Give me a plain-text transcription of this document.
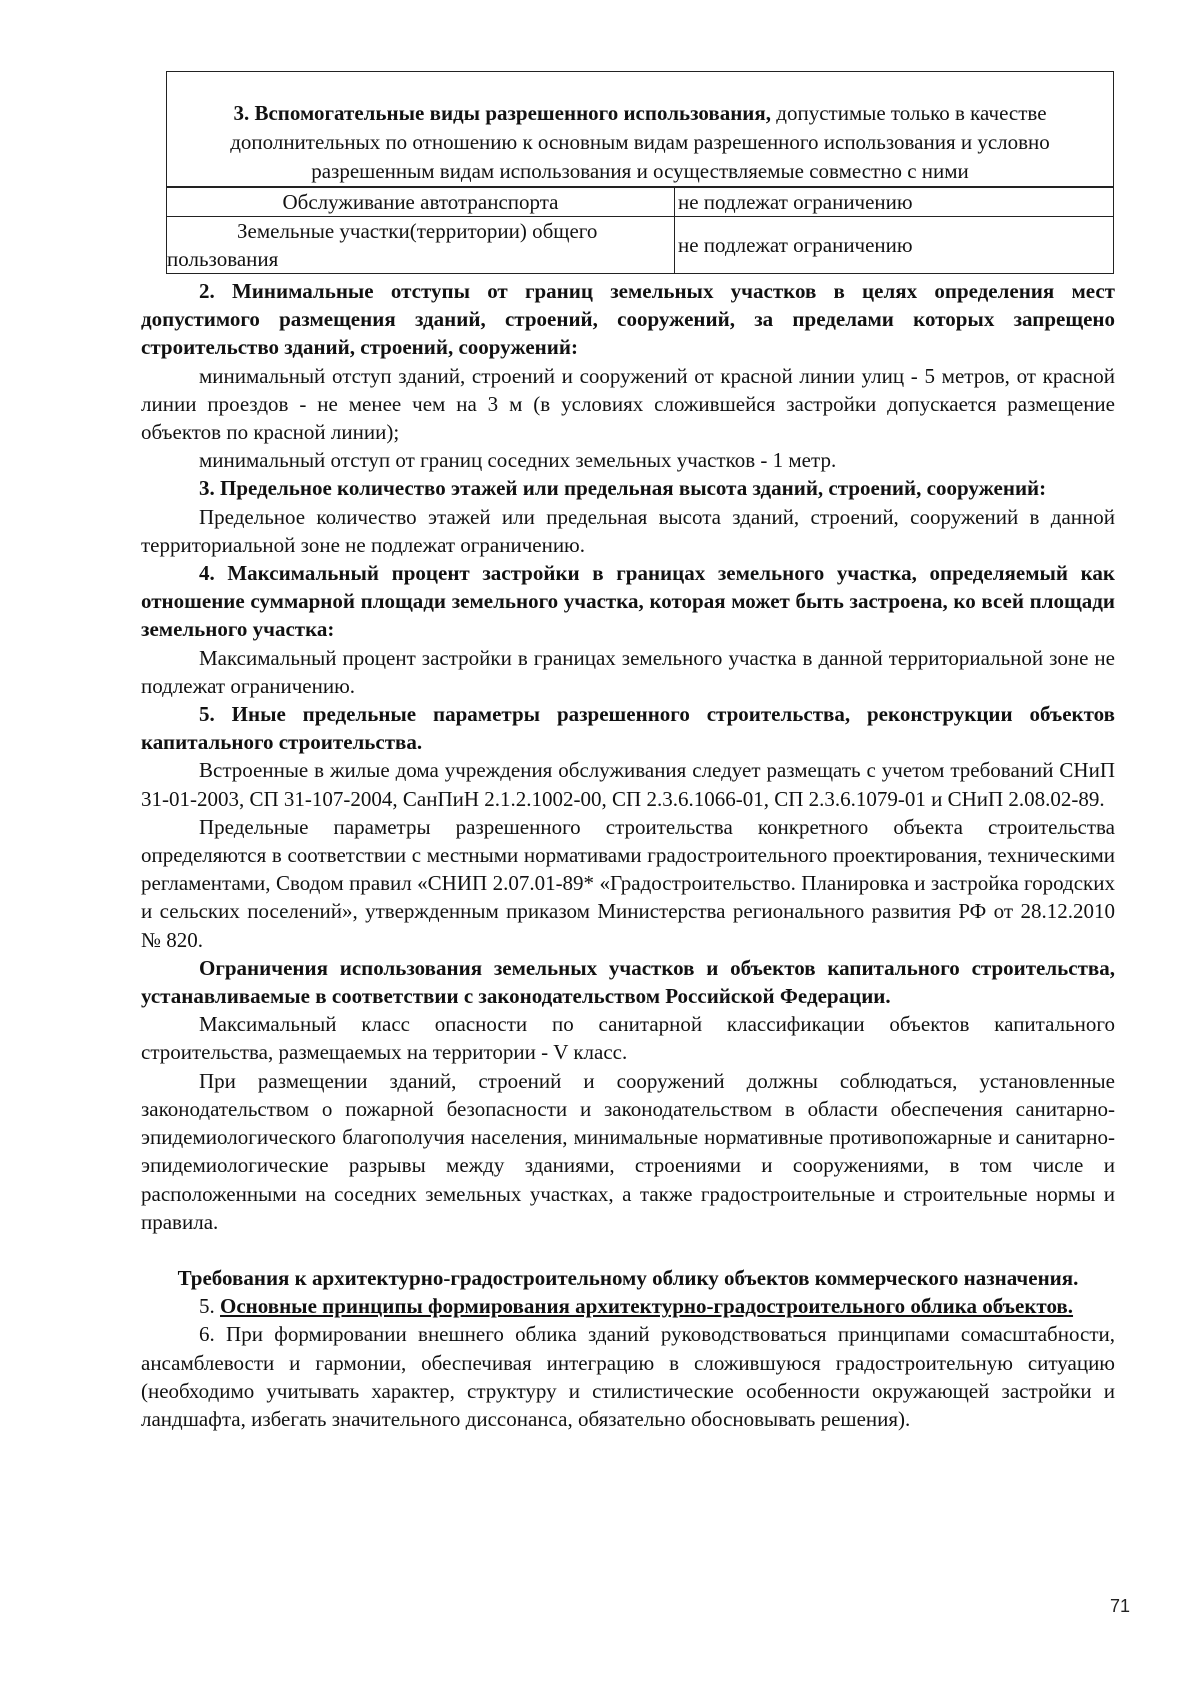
3. Вспомогательные виды разрешенного использования, допустимые только в качестве дополнительных по отношению к основным видам разрешенного использования и условно разрешенным видам использования и осуществляемые совместно с ними
Обслуживание автотранспорта	не подлежат ограничению
Земельные участки(территории) общего
пользования
не подлежат ограничению

2. Минимальные отступы от границ земельных участков в целях определения мест допустимого размещения зданий, строений, сооружений, за пределами которых запрещено строительство зданий, строений, сооружений:

минимальный отступ зданий, строений и сооружений от красной линии улиц - 5 метров, от красной линии проездов - не менее чем на 3 м (в условиях сложившейся застройки допускается размещение объектов по красной линии);

минимальный отступ от границ соседних земельных участков - 1 метр.

3. Предельное количество этажей или предельная высота зданий, строений, сооружений:

Предельное количество этажей или предельная высота зданий, строений, сооружений в данной территориальной зоне не подлежат ограничению.

4. Максимальный процент застройки в границах земельного участка, определяемый как отношение суммарной площади земельного участка, которая может быть застроена, ко всей площади земельного участка:

Максимальный процент застройки в границах земельного участка в данной территориальной зоне не подлежат ограничению.

5. Иные предельные параметры разрешенного строительства, реконструкции объектов капитального строительства.

Встроенные в жилые дома учреждения обслуживания следует размещать с учетом требований СНиП 31-01-2003, СП 31-107-2004, СанПиН 2.1.2.1002-00, СП 2.3.6.1066-01, СП 2.3.6.1079-01 и СНиП 2.08.02-89.

Предельные параметры разрешенного строительства конкретного объекта строительства определяются в соответствии с местными нормативами градостроительного проектирования, техническими регламентами, Сводом правил «СНИП 2.07.01-89* «Градостроительство. Планировка и застройка городских и сельских поселений», утвержденным приказом Министерства регионального развития РФ от 28.12.2010 № 820.

Ограничения использования земельных участков и объектов капитального строительства, устанавливаемые в соответствии с законодательством Российской Федерации.

Максимальный класс опасности по санитарной классификации объектов капитального строительства, размещаемых на территории - V класс.

При размещении зданий, строений и сооружений должны соблюдаться, установленные законодательством о пожарной безопасности и законодательством в области обеспечения санитарно-эпидемиологического благополучия населения, минимальные нормативные противопожарные и санитарно-эпидемиологические разрывы между зданиями, строениями и сооружениями, в том числе и расположенными на соседних земельных участках, а также градостроительные и строительные нормы и правила.

Требования к архитектурно-градостроительному облику объектов коммерческого назначения.

5. Основные принципы формирования архитектурно-градостроительного облика объектов.

6. При формировании внешнего облика зданий руководствоваться принципами сомасштабности, ансамблевости и гармонии, обеспечивая интеграцию в сложившуюся градостроительную ситуацию (необходимо учитывать характер, структуру и стилистические особенности окружающей застройки и ландшафта, избегать значительного диссонанса, обязательно обосновывать решения).

71
